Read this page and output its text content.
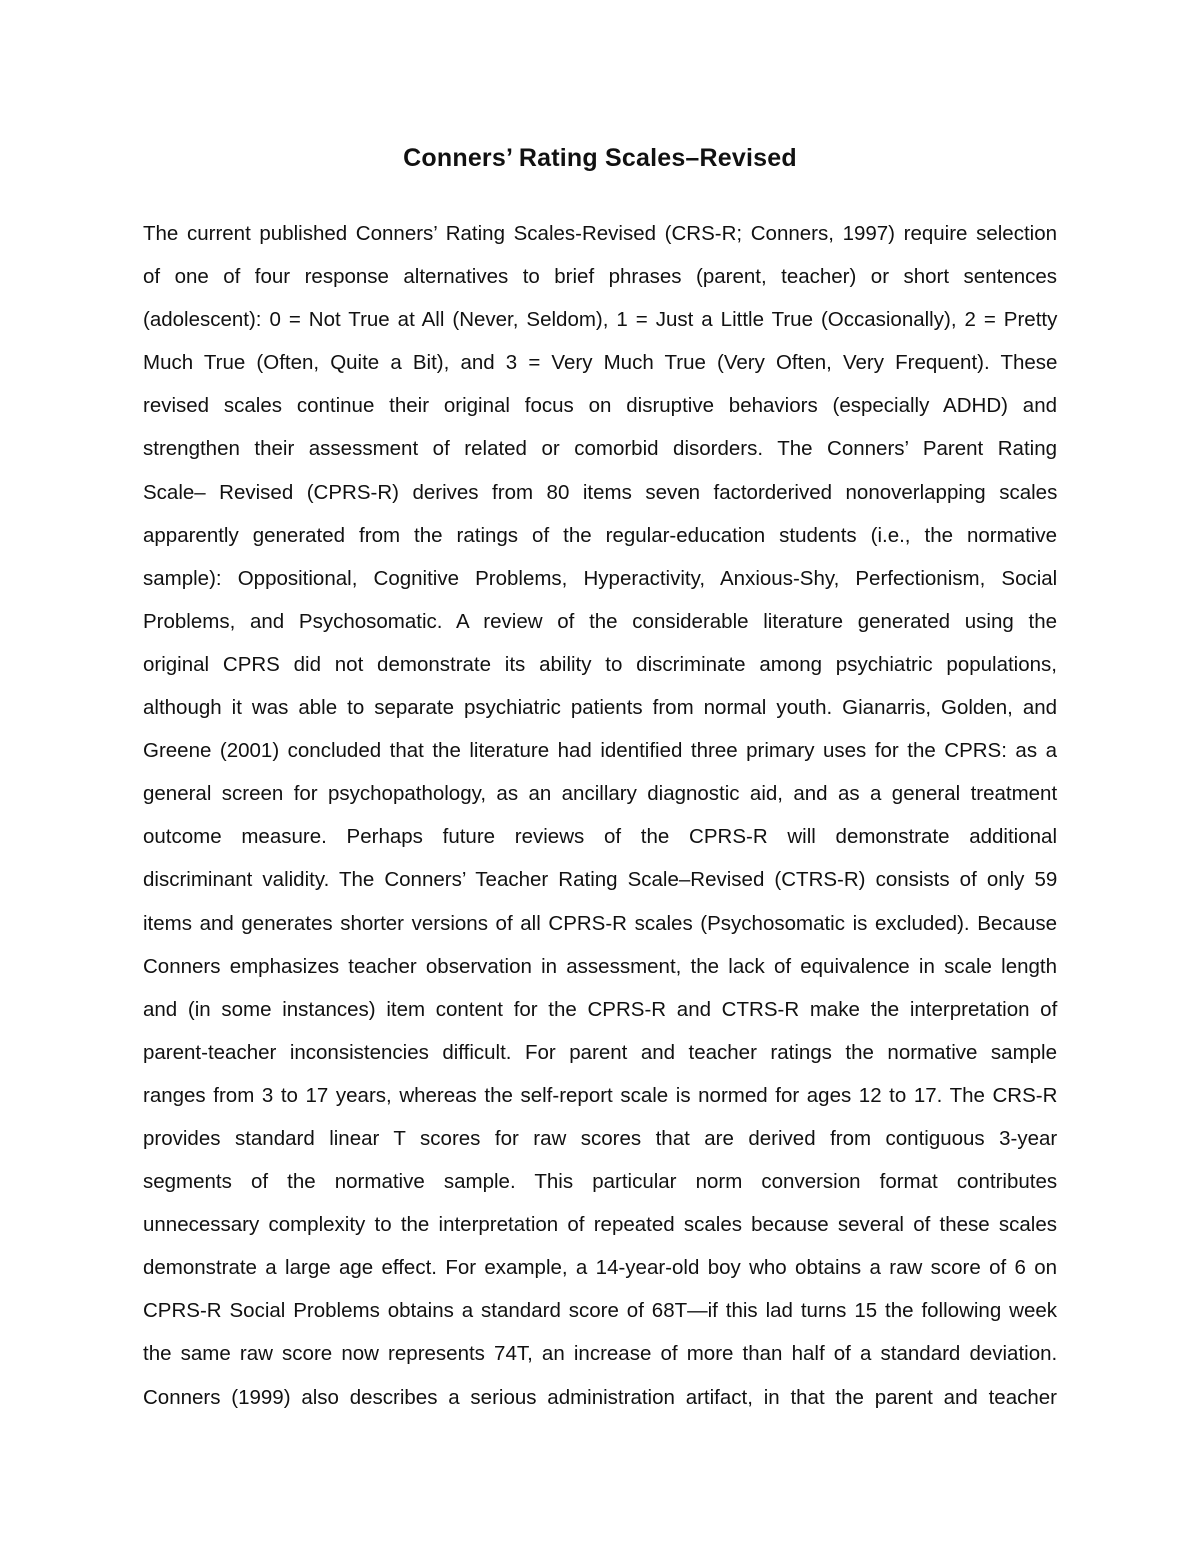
Conners’ Rating Scales–Revised
The current published Conners’ Rating Scales-Revised (CRS-R; Conners, 1997) require selection
of one of four response alternatives to brief phrases (parent, teacher) or short sentences
(adolescent): 0 = Not True at All (Never, Seldom), 1 = Just a Little True (Occasionally), 2 = Pretty
Much True (Often, Quite a Bit), and 3 = Very Much True (Very Often, Very Frequent). These
revised scales continue their original focus on disruptive behaviors (especially ADHD) and
strengthen their assessment of related or comorbid disorders. The Conners’ Parent Rating
Scale– Revised (CPRS-R) derives from 80 items seven factorderived nonoverlapping scales
apparently generated from the ratings of the regular-education students (i.e., the normative
sample): Oppositional, Cognitive Problems, Hyperactivity, Anxious-Shy, Perfectionism, Social
Problems, and Psychosomatic. A review of the considerable literature generated using the
original CPRS did not demonstrate its ability to discriminate among psychiatric populations,
although it was able to separate psychiatric patients from normal youth. Gianarris, Golden, and
Greene (2001) concluded that the literature had identified three primary uses for the CPRS: as a
general screen for psychopathology, as an ancillary diagnostic aid, and as a general treatment
outcome measure. Perhaps future reviews of the CPRS-R will demonstrate additional
discriminant validity. The Conners’ Teacher Rating Scale–Revised (CTRS-R) consists of only 59
items and generates shorter versions of all CPRS-R scales (Psychosomatic is excluded). Because
Conners emphasizes teacher observation in assessment, the lack of equivalence in scale length
and (in some instances) item content for the CPRS-R and CTRS-R make the interpretation of
parent-teacher inconsistencies difficult. For parent and teacher ratings the normative sample
ranges from 3 to 17 years, whereas the self-report scale is normed for ages 12 to 17. The CRS-R
provides standard linear T scores for raw scores that are derived from contiguous 3-year
segments of the normative sample. This particular norm conversion format contributes
unnecessary complexity to the interpretation of repeated scales because several of these scales
demonstrate a large age effect. For example, a 14-year-old boy who obtains a raw score of 6 on
CPRS-R Social Problems obtains a standard score of 68T—if this lad turns 15 the following week
the same raw score now represents 74T, an increase of more than half of a standard deviation.
Conners (1999) also describes a serious administration artifact, in that the parent and teacher
